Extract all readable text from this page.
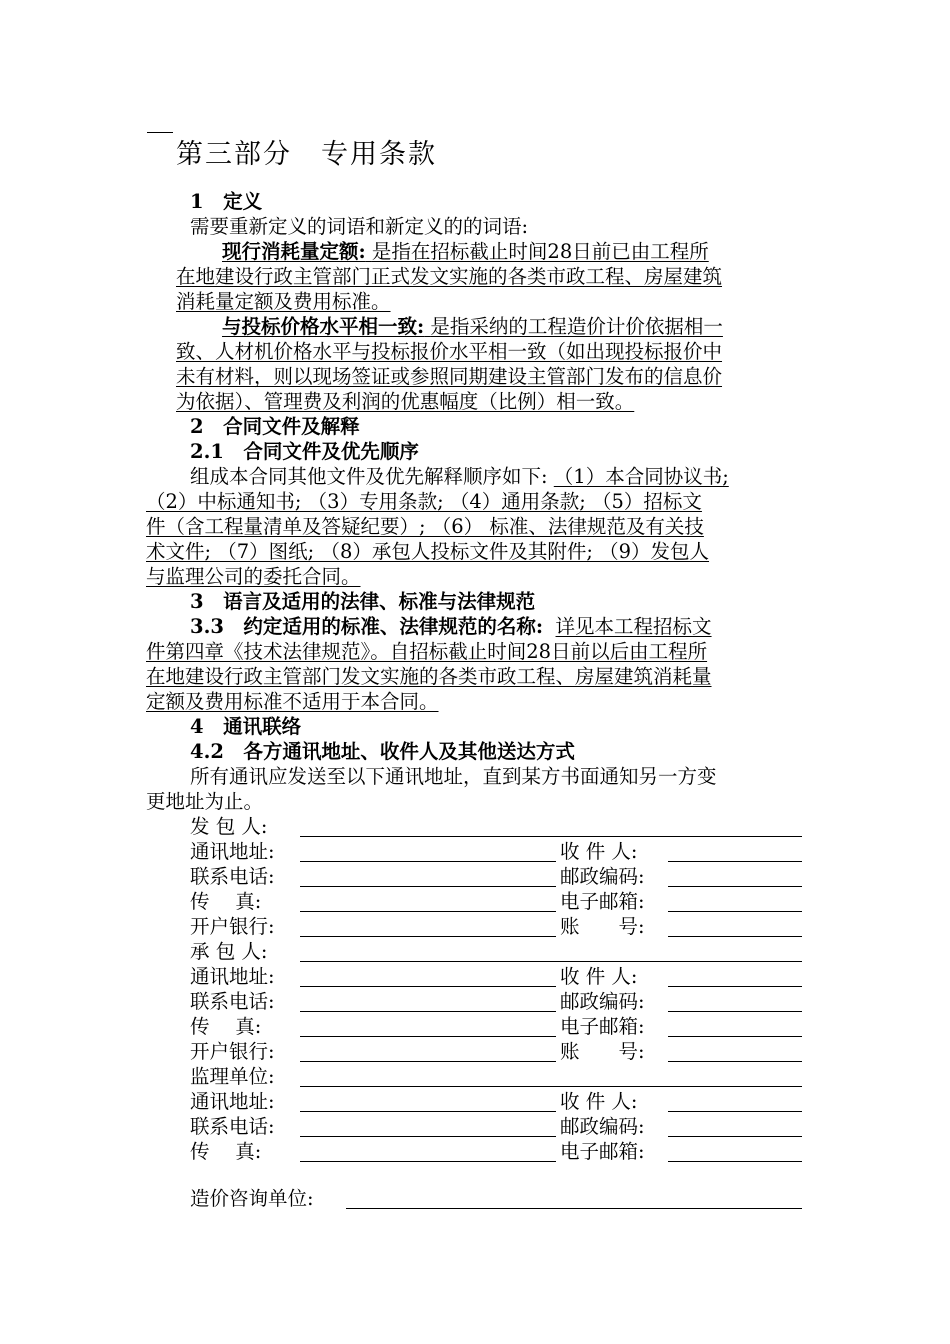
第三部分　专用条款
1　定义
需要重新定义的词语和新定义的的词语:
现行消耗量定额: 是指在招标截止时间28日前已由工程所
在地建设行政主管部门正式发文实施的各类市政工程、房屋建筑
消耗量定额及费用标准。
与投标价格水平相一致: 是指采纳的工程造价计价依据相一
致、人材机价格水平与投标报价水平相一致（如出现投标报价中
未有材料，则以现场签证或参照同期建设主管部门发布的信息价
为依据）、管理费及利润的优惠幅度（比例）相一致。
2　合同文件及解释
2.1　合同文件及优先顺序
组成本合同其他文件及优先解释顺序如下: （1）本合同协议书;
（2）中标通知书; （3）专用条款; （4）通用条款; （5）招标文
件（含工程量清单及答疑纪要）; （6） 标准、法律规范及有关技
术文件; （7）图纸; （8）承包人投标文件及其附件; （9）发包人
与监理公司的委托合同。
3　语言及适用的法律、标准与法律规范
3.3　约定适用的标准、法律规范的名称: 详见本工程招标文
件第四章《技术法律规范》。自招标截止时间28日前以后由工程所
在地建设行政主管部门发文实施的各类市政工程、房屋建筑消耗量
定额及费用标准不适用于本合同。
4　通讯联络
4.2　各方通讯地址、收件人及其他送达方式
所有通讯应发送至以下通讯地址，直到某方书面通知另一方变
更地址为止。
发 包 人:
通讯地址:	收 件 人:
联系电话:	邮政编码:
传　 真:	电子邮箱:
开户银行:	账　　号:
承 包 人:
通讯地址:	收 件 人:
联系电话:	邮政编码:
传　 真:	电子邮箱:
开户银行:	账　　号:
监理单位:
通讯地址:	收 件 人:
联系电话:	邮政编码:
传　 真:	电子邮箱:
造价咨询单位:
